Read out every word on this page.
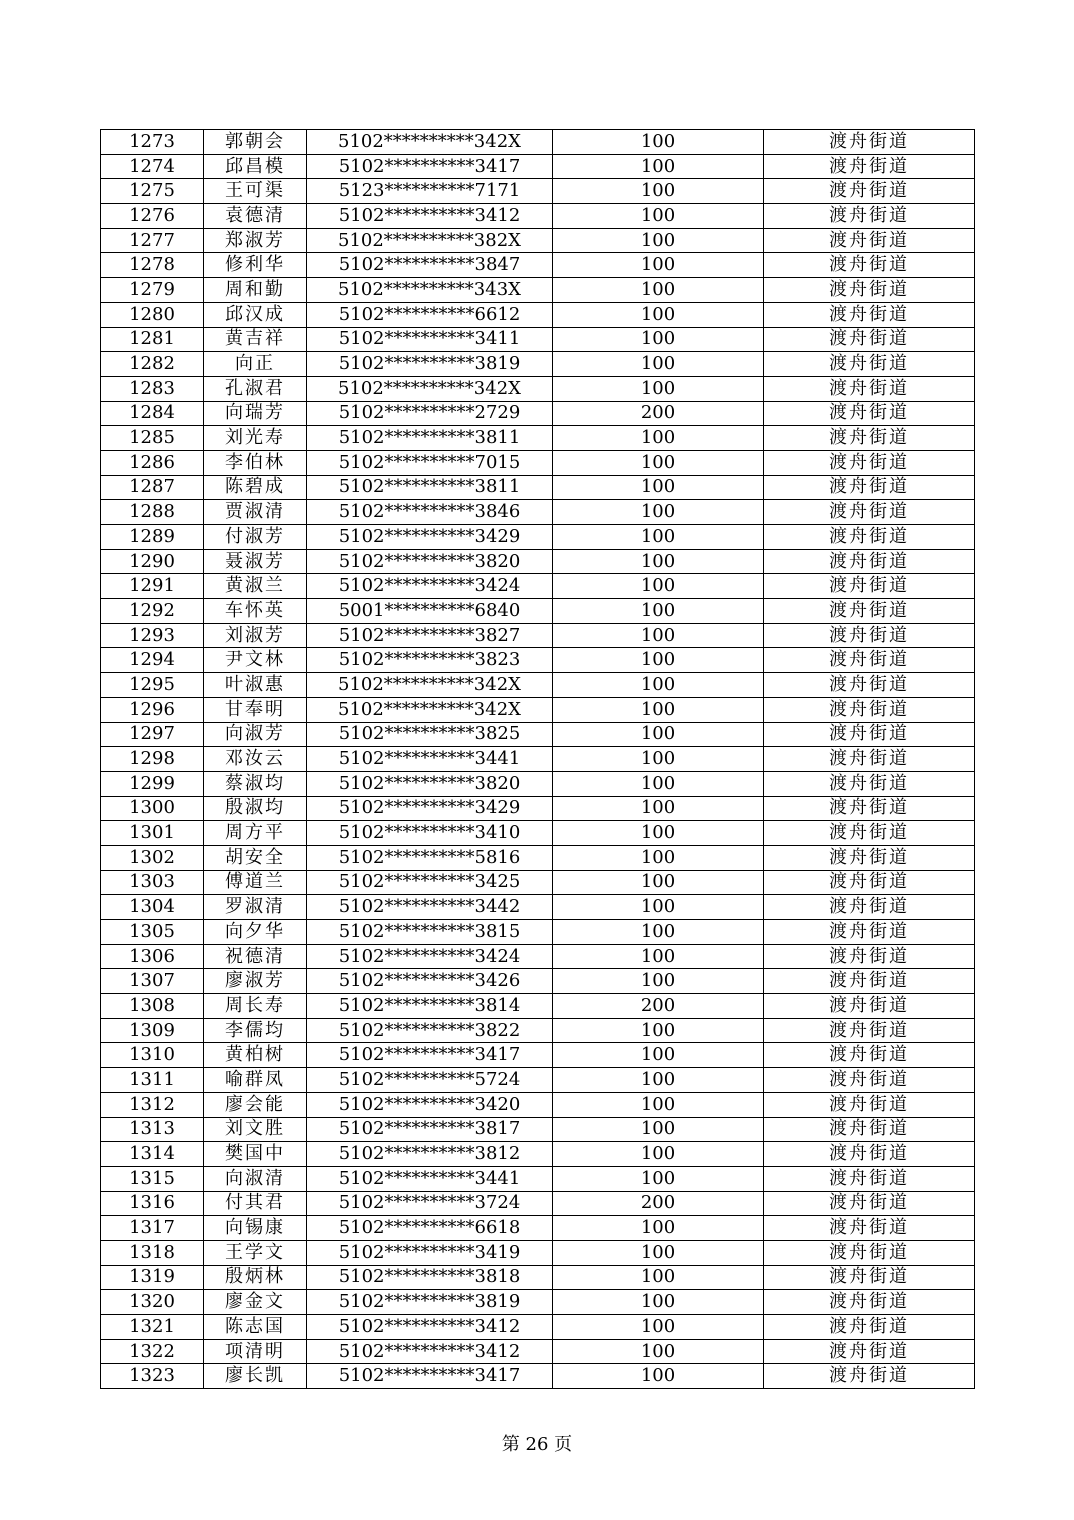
1273	郭朝会	5102**********342X	100	渡舟街道
1274	邱昌模	5102**********3417	100	渡舟街道
1275	王可渠	5123**********7171	100	渡舟街道
1276	袁德清	5102**********3412	100	渡舟街道
1277	郑淑芳	5102**********382X	100	渡舟街道
1278	修利华	5102**********3847	100	渡舟街道
1279	周和勤	5102**********343X	100	渡舟街道
1280	邱汉成	5102**********6612	100	渡舟街道
1281	黄吉祥	5102**********3411	100	渡舟街道
1282	向正	5102**********3819	100	渡舟街道
1283	孔淑君	5102**********342X	100	渡舟街道
1284	向瑞芳	5102**********2729	200	渡舟街道
1285	刘光寿	5102**********3811	100	渡舟街道
1286	李伯林	5102**********7015	100	渡舟街道
1287	陈碧成	5102**********3811	100	渡舟街道
1288	贾淑清	5102**********3846	100	渡舟街道
1289	付淑芳	5102**********3429	100	渡舟街道
1290	聂淑芳	5102**********3820	100	渡舟街道
1291	黄淑兰	5102**********3424	100	渡舟街道
1292	车怀英	5001**********6840	100	渡舟街道
1293	刘淑芳	5102**********3827	100	渡舟街道
1294	尹文林	5102**********3823	100	渡舟街道
1295	叶淑惠	5102**********342X	100	渡舟街道
1296	甘奉明	5102**********342X	100	渡舟街道
1297	向淑芳	5102**********3825	100	渡舟街道
1298	邓汝云	5102**********3441	100	渡舟街道
1299	蔡淑均	5102**********3820	100	渡舟街道
1300	殷淑均	5102**********3429	100	渡舟街道
1301	周方平	5102**********3410	100	渡舟街道
1302	胡安全	5102**********5816	100	渡舟街道
1303	傅道兰	5102**********3425	100	渡舟街道
1304	罗淑清	5102**********3442	100	渡舟街道
1305	向夕华	5102**********3815	100	渡舟街道
1306	祝德清	5102**********3424	100	渡舟街道
1307	廖淑芳	5102**********3426	100	渡舟街道
1308	周长寿	5102**********3814	200	渡舟街道
1309	李儒均	5102**********3822	100	渡舟街道
1310	黄柏树	5102**********3417	100	渡舟街道
1311	喻群凤	5102**********5724	100	渡舟街道
1312	廖会能	5102**********3420	100	渡舟街道
1313	刘文胜	5102**********3817	100	渡舟街道
1314	樊国中	5102**********3812	100	渡舟街道
1315	向淑清	5102**********3441	100	渡舟街道
1316	付其君	5102**********3724	200	渡舟街道
1317	向锡康	5102**********6618	100	渡舟街道
1318	王学文	5102**********3419	100	渡舟街道
1319	殷炳林	5102**********3818	100	渡舟街道
1320	廖金文	5102**********3819	100	渡舟街道
1321	陈志国	5102**********3412	100	渡舟街道
1322	项清明	5102**********3412	100	渡舟街道
1323	廖长凯	5102**********3417	100	渡舟街道
第 26 页
